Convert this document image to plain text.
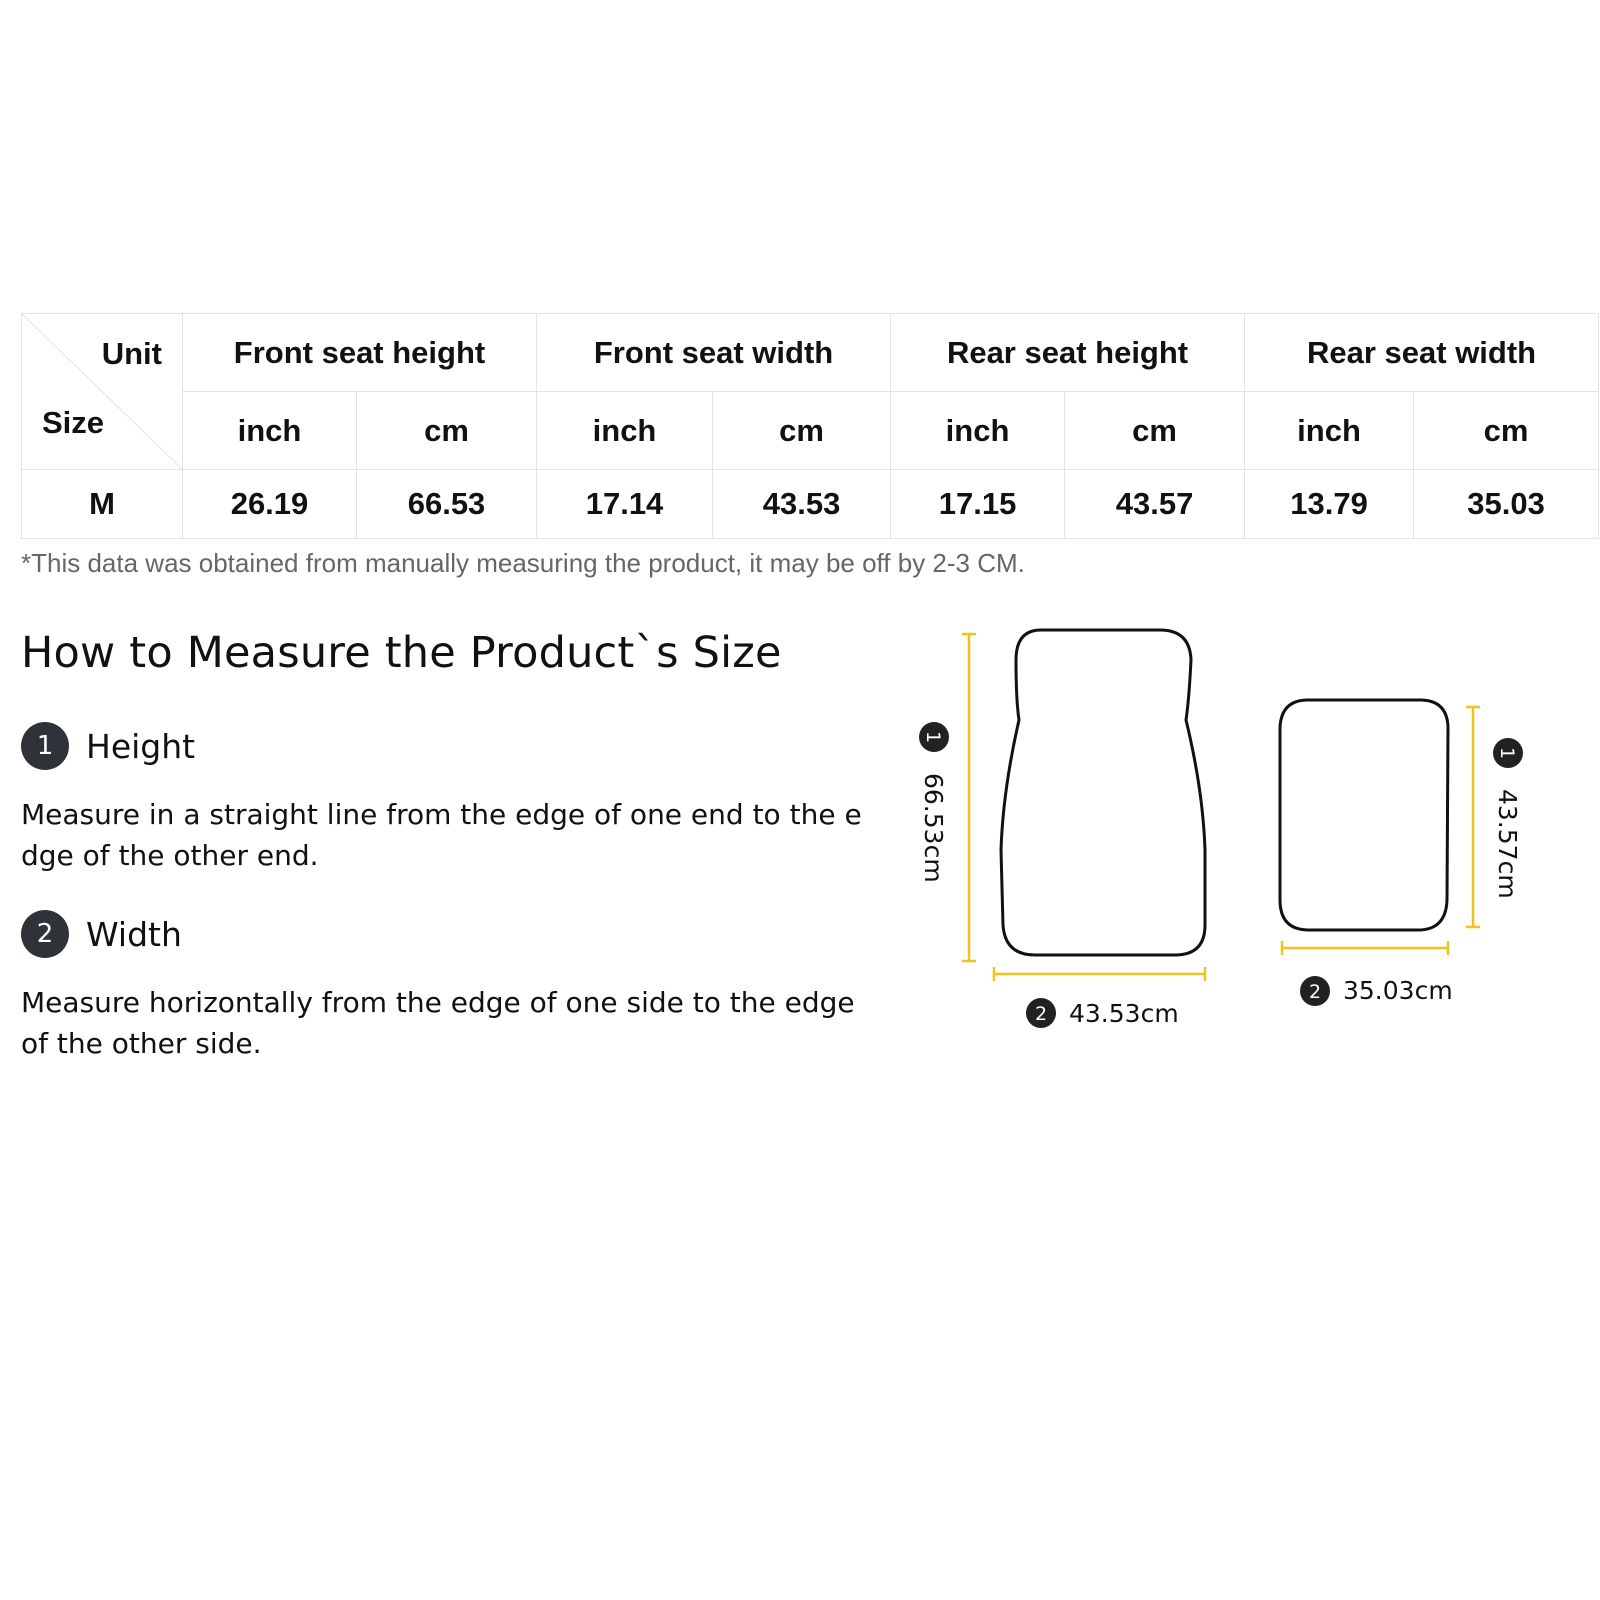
Unit
Size	Front seat height		Front seat width		Rear seat height		Rear seat width	
	inch	cm	inch	cm	inch	cm	inch	cm
M	26.19	66.53	17.14	43.53	17.15	43.57	13.79	35.03
*This data was obtained from manually measuring the product, it may be off by 2-3 CM.
How to Measure the Product`s Size
1 Height
Measure in a straight line from the edge of one end to the edge of the other end.
2 Width
Measure horizontally from the edge of one side to the edge of the other side.
1
66.53cm
2 43.53cm
1
43.57cm
2 35.03cm
